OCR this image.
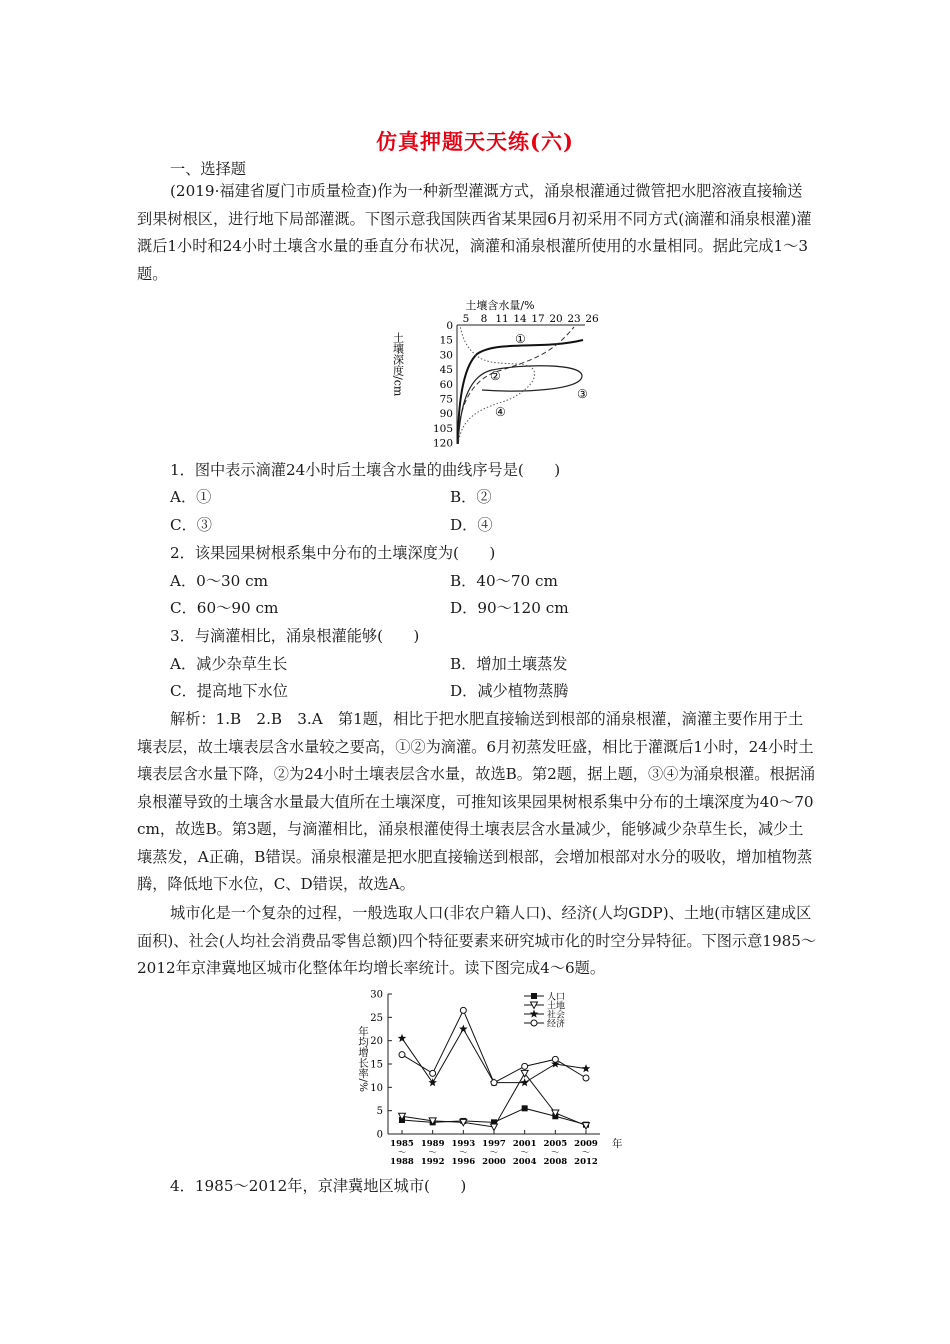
仿真押题天天练(六)
一、选择题

(2019·福建省厦门市质量检查)作为一种新型灌溉方式，涌泉根灌通过微管把水肥溶液直接输送到果树根区，进行地下局部灌溉。下图示意我国陕西省某果园6月初采用不同方式(滴灌和涌泉根灌)灌溉后1小时和24小时土壤含水量的垂直分布状况，滴灌和涌泉根灌所使用的水量相同。据此完成1～3题。

土壤含水量/%
5 8 11 14 17 20 23 26
0
15
30
45
60
75
90
105
120
土壤深度/cm	①
②
③
④
1．图中表示滴灌24小时后土壤含水量的曲线序号是(　　)
A．①	B．②
C．③	D．④
2．该果园果树根系集中分布的土壤深度为(　　)
A．0～30 cm	B．40～70 cm
C．60～90 cm	D．90～120 cm
3．与滴灌相比，涌泉根灌能够(　　)
A．减少杂草生长	B．增加土壤蒸发
C．提高地下水位	D．减少植物蒸腾

解析：1.B　2.B　3.A　第1题，相比于把水肥直接输送到根部的涌泉根灌，滴灌主要作用于土壤表层，故土壤表层含水量较之要高，①②为滴灌。6月初蒸发旺盛，相比于灌溉后1小时，24小时土壤表层含水量下降，②为24小时土壤表层含水量，故选B。第2题，据上题，③④为涌泉根灌。根据涌泉根灌导致的土壤含水量最大值所在土壤深度，可推知该果园果树根系集中分布的土壤深度为40～70 cm，故选B。第3题，与滴灌相比，涌泉根灌使得土壤表层含水量减少，能够减少杂草生长，减少土壤蒸发，A正确，B错误。涌泉根灌是把水肥直接输送到根部，会增加根部对水分的吸收，增加植物蒸腾，降低地下水位，C、D错误，故选A。

城市化是一个复杂的过程，一般选取人口(非农户籍人口)、经济(人均GDP)、土地(市辖区建成区面积)、社会(人均社会消费品零售总额)四个特征要素来研究城市化的时空分异特征。下图示意1985～2012年京津冀地区城市化整体年均增长率统计。读下图完成4～6题。

0
5
10
15
20
25
30
年均增长率/%
1985
～
1988
1989
～
1992
1993
～
1996
1997
～
2000
2001
～
2004
2005
～
2008
2009
～
2012
年
人口
土地
社会
经济
4．1985～2012年，京津冀地区城市(　　)
